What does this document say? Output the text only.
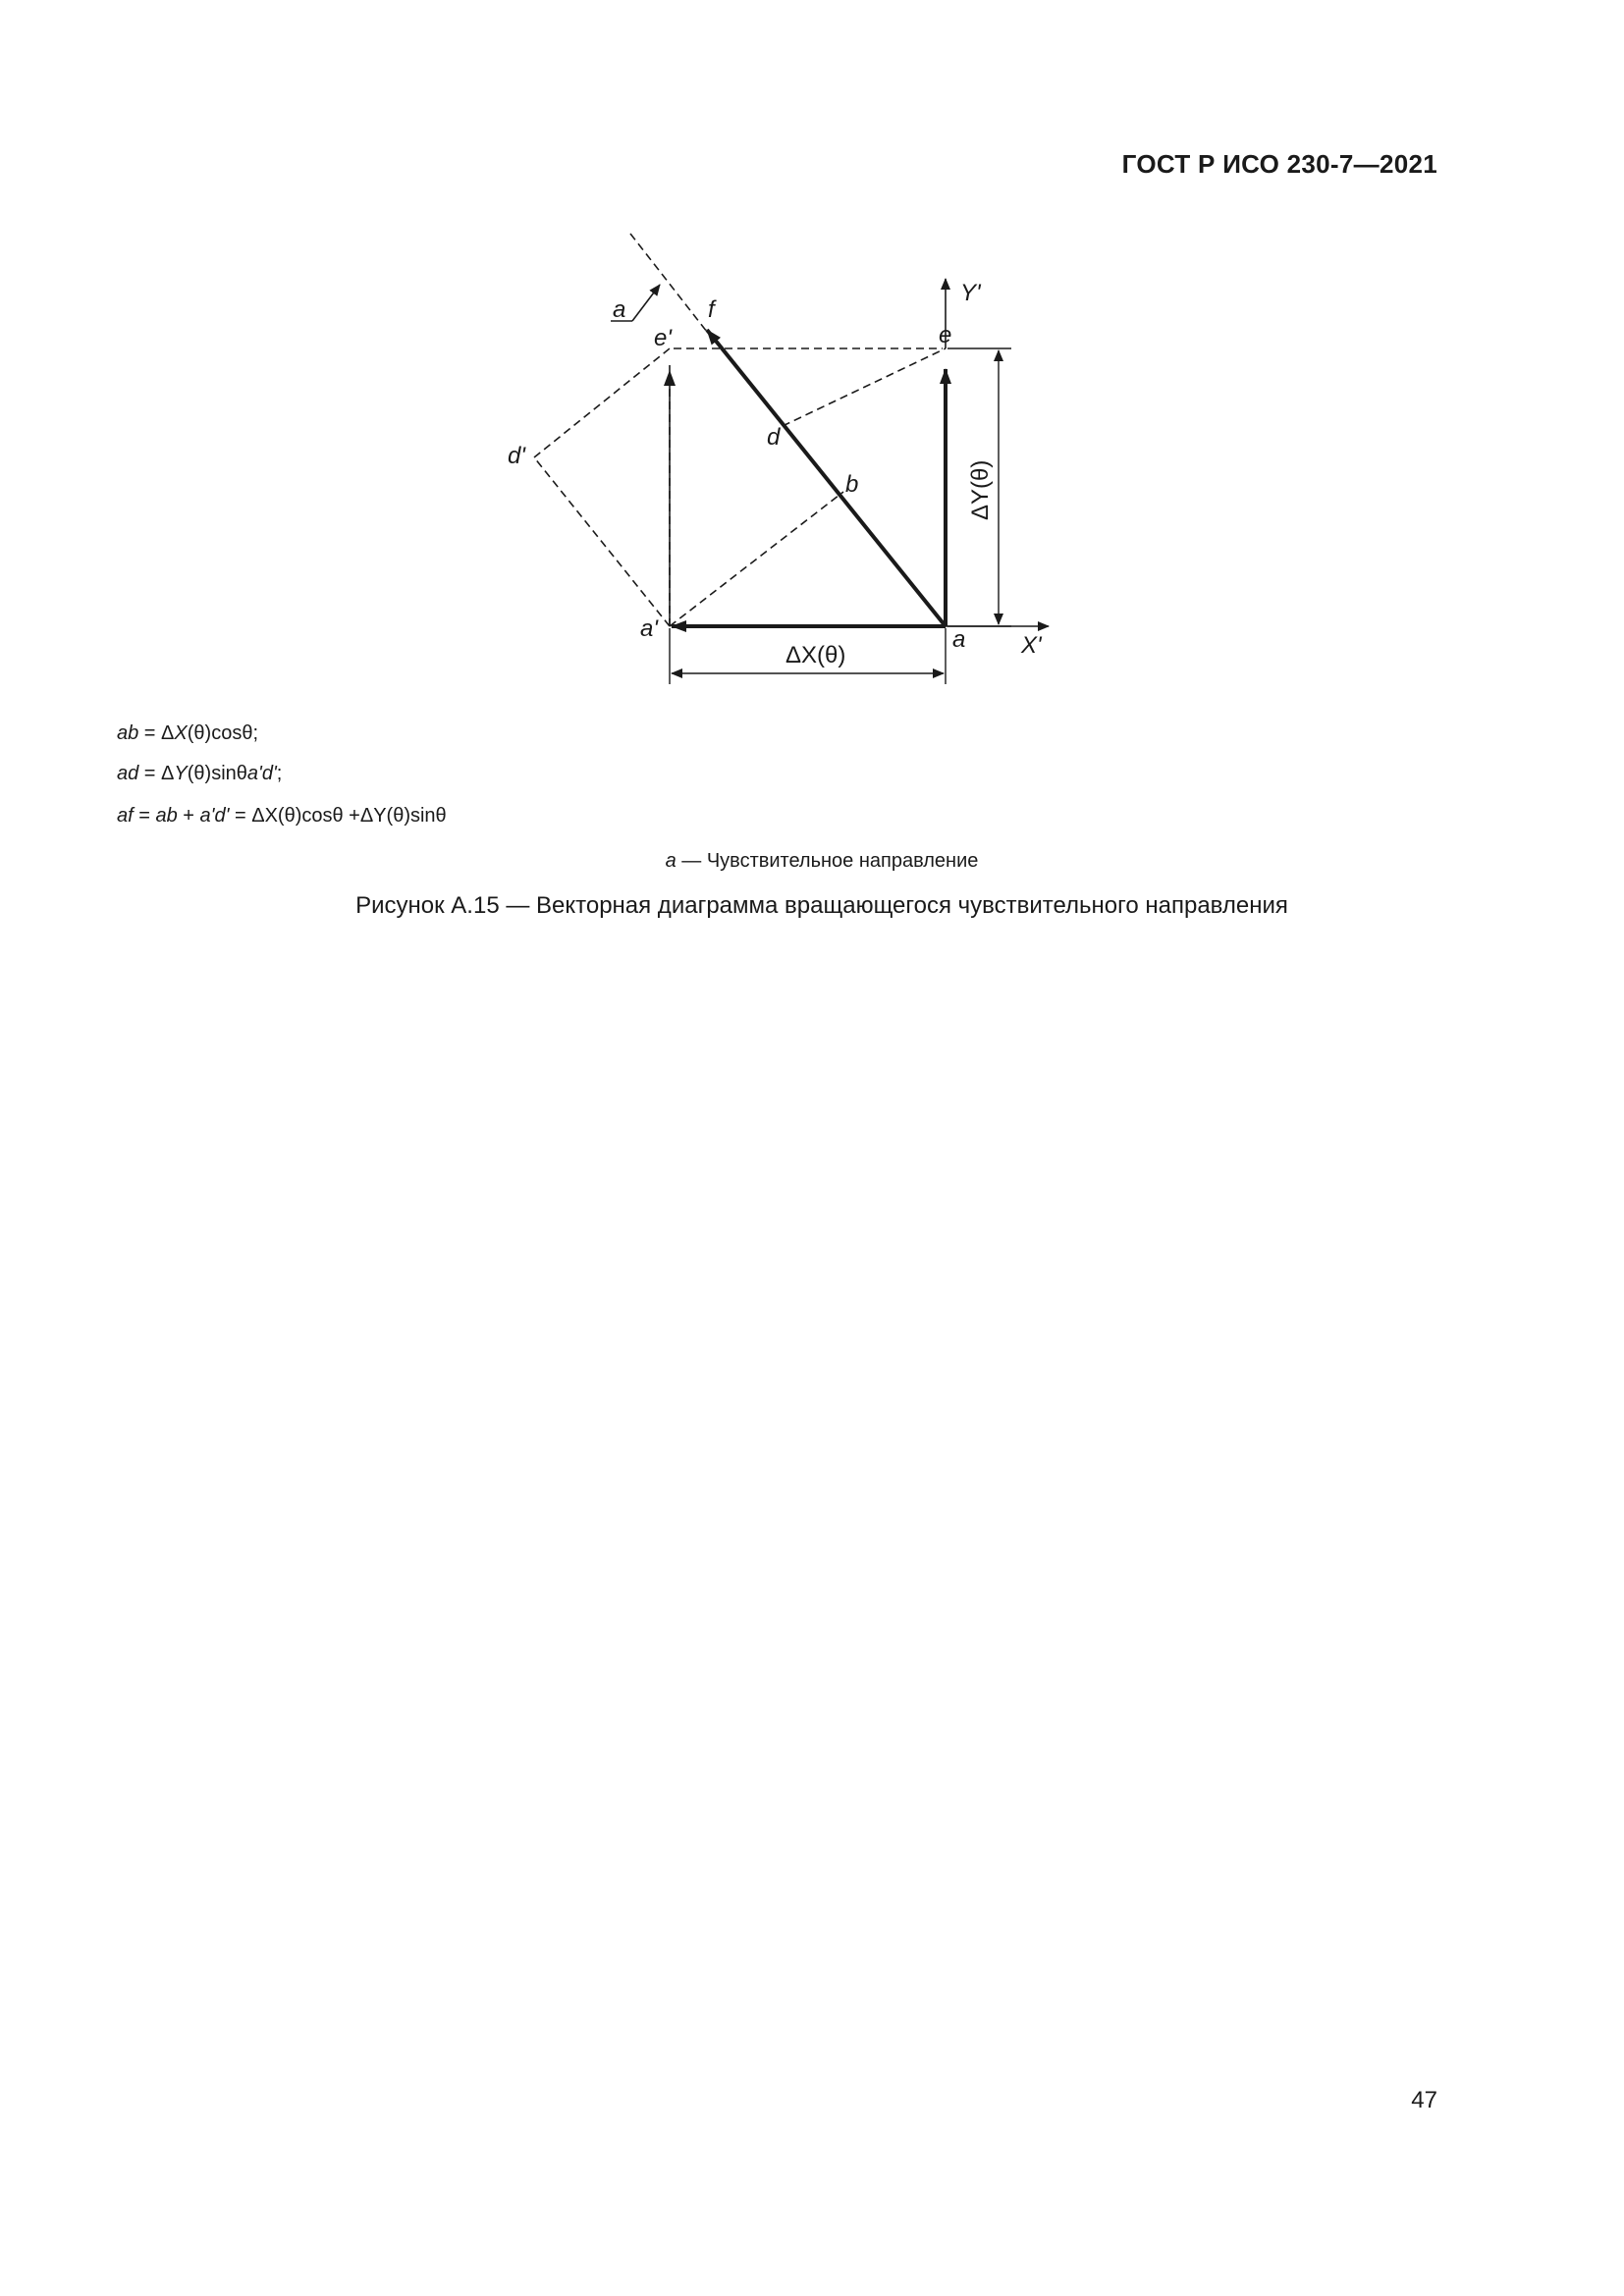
ГОСТ Р ИСО 230-7—2021
a	f
e'	e
Y'
d'
d
b
a'	a X'
ΔX(θ)
ΔY(θ)
ab = ΔX(θ)cosθ;
ad = ΔY(θ)sinθa'd';
af = ab + a'd' = ΔX(θ)cosθ +ΔY(θ)sinθ
a — Чувствительное направление
Рисунок А.15 — Векторная диаграмма вращающегося чувствительного направления
47
